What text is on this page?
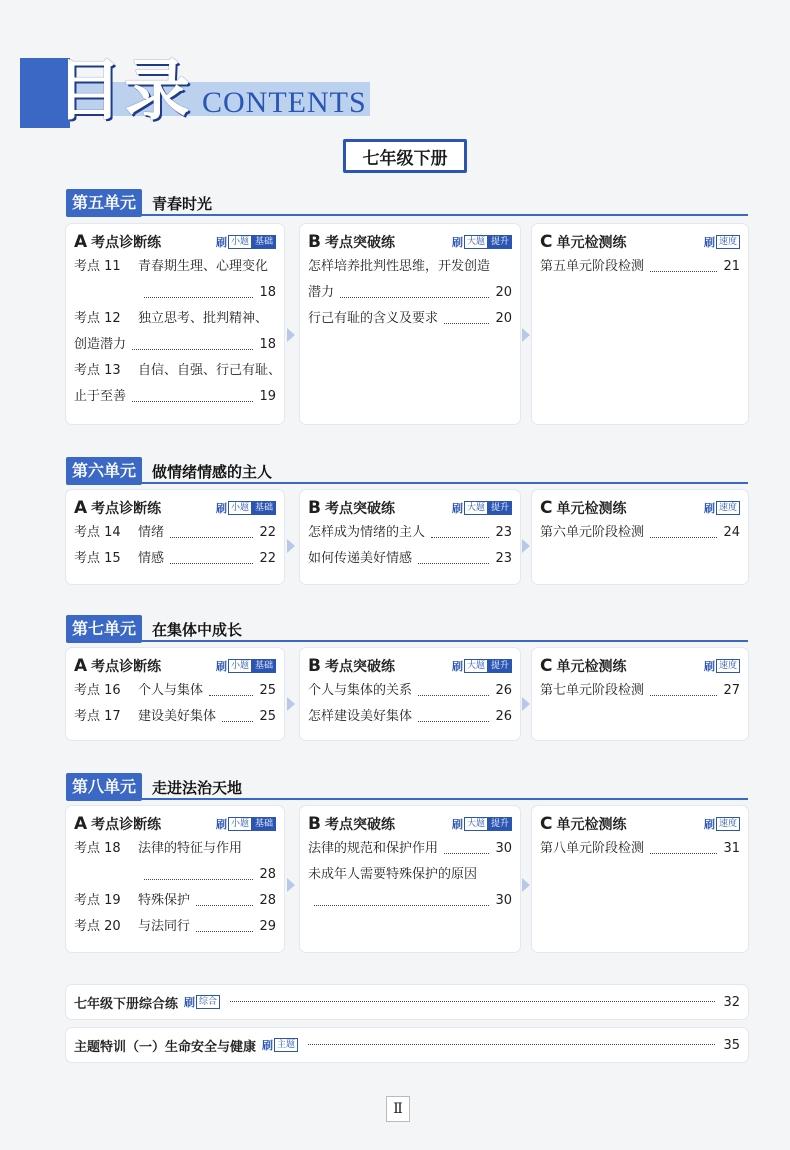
目录 CONTENTS
七年级下册
第五单元	青春时光
A 考点诊断练	刷 小题 基础
考点 11	青春期生理、心理变化
18
考点 12	独立思考、批判精神、
创造潜力	18
考点 13	自信、自强、行己有耻、
止于至善	19
B 考点突破练	刷 大题 提升
怎样培养批判性思维，开发创造
潜力	20
行己有耻的含义及要求	20
C 单元检测练	刷 速度
第五单元阶段检测	21
第六单元	做情绪情感的主人
A 考点诊断练	刷 小题 基础
考点 14	情绪	22
考点 15	情感	22
B 考点突破练	刷 大题 提升
怎样成为情绪的主人	23
如何传递美好情感	23
C 单元检测练	刷 速度
第六单元阶段检测	24
第七单元	在集体中成长
A 考点诊断练	刷 小题 基础
考点 16	个人与集体	25
考点 17	建设美好集体	25
B 考点突破练	刷 大题 提升
个人与集体的关系	26
怎样建设美好集体	26
C 单元检测练	刷 速度
第七单元阶段检测	27
第八单元	走进法治天地
A 考点诊断练	刷 小题 基础
考点 18	法律的特征与作用
28
考点 19	特殊保护	28
考点 20	与法同行	29
B 考点突破练	刷 大题 提升
法律的规范和保护作用	30
未成年人需要特殊保护的原因
30
C 单元检测练	刷 速度
第八单元阶段检测	31
七年级下册综合练 刷 综合	32
主题特训（一）生命安全与健康 刷 主题	35
Ⅱ
